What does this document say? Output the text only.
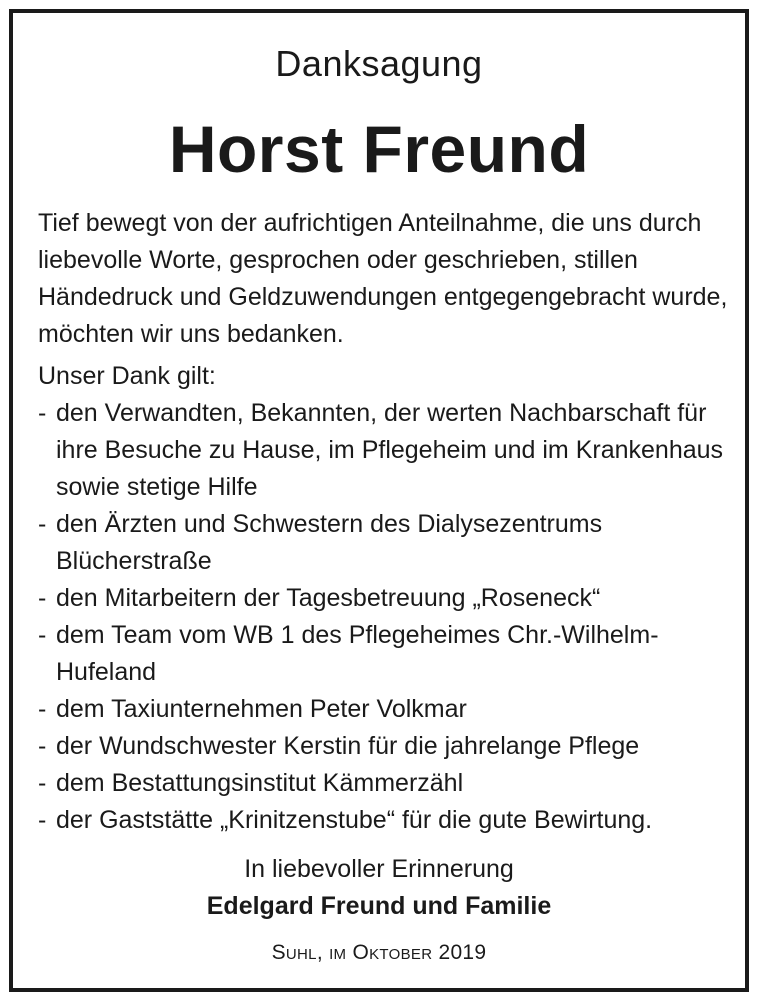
Danksagung
Horst Freund

Tief bewegt von der aufrichtigen Anteilnahme, die uns durch liebevolle Worte, gesprochen oder geschrieben, stillen Händedruck und Geldzuwendungen entgegengebracht wurde, möchten wir uns bedanken.

Unser Dank gilt:

- den Verwandten, Bekannten, der werten Nachbarschaft für ihre Besuche zu Hause, im Pflegeheim und im Krankenhaus sowie stetige Hilfe
- den Ärzten und Schwestern des Dialysezentrums Blücherstraße
- den Mitarbeitern der Tagesbetreuung „Roseneck“
- dem Team vom WB 1 des Pflegeheimes Chr.-Wilhelm-Hufeland
- dem Taxiunternehmen Peter Volkmar
- der Wundschwester Kerstin für die jahrelange Pflege
- dem Bestattungsinstitut Kämmerzähl
- der Gaststätte „Krinitzenstube“ für die gute Bewirtung.
In liebevoller Erinnerung
Edelgard Freund und Familie
Suhl, im Oktober 2019
